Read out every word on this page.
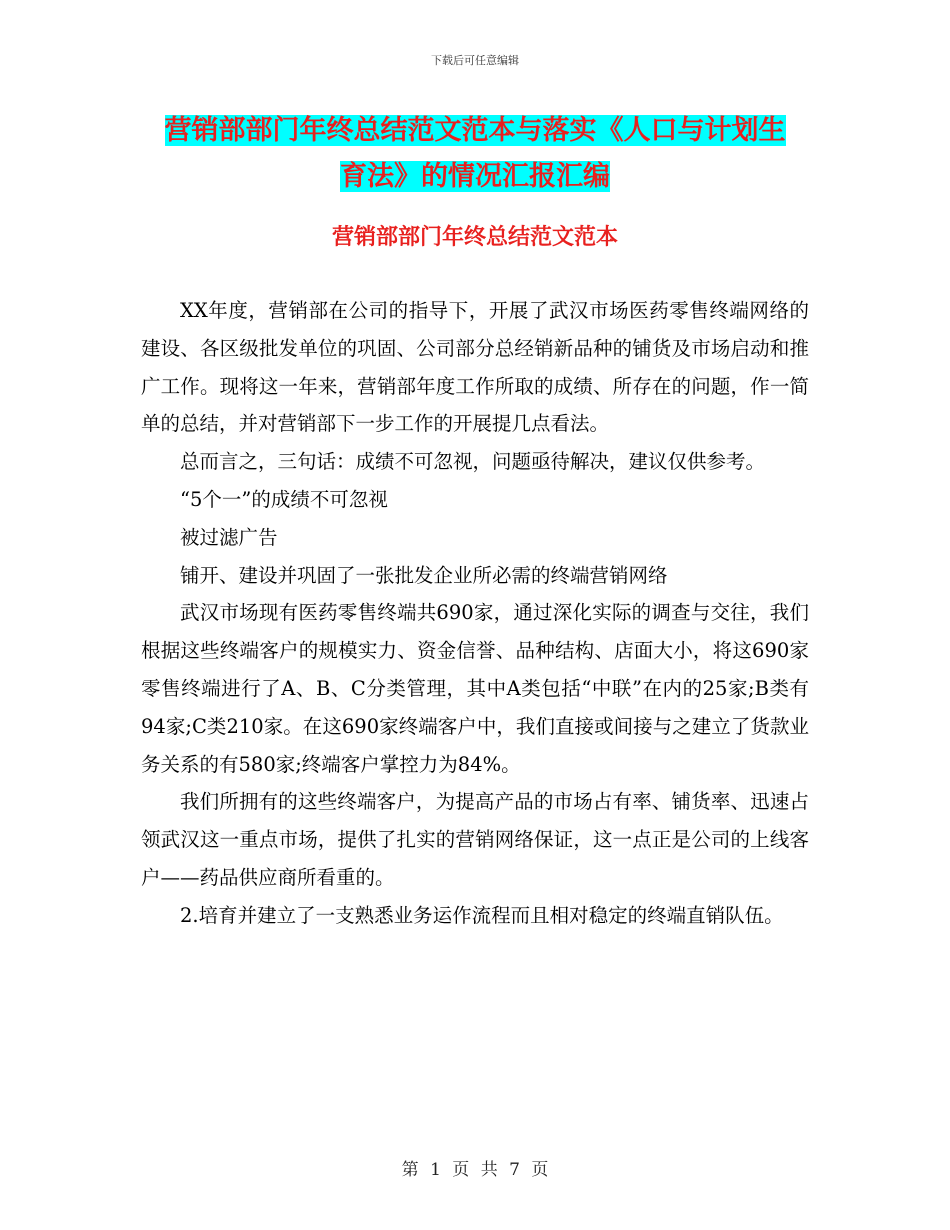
下载后可任意编辑
营销部部门年终总结范文范本与落实《人口与计划生
育法》的情况汇报汇编
营销部部门年终总结范文范本

XX年度，营销部在公司的指导下，开展了武汉市场医药零售终端网络的建设、各区级批发单位的巩固、公司部分总经销新品种的铺货及市场启动和推广工作。现将这一年来，营销部年度工作所取的成绩、所存在的问题，作一简单的总结，并对营销部下一步工作的开展提几点看法。

总而言之，三句话：成绩不可忽视，问题亟待解决，建议仅供参考。

“5个一”的成绩不可忽视

被过滤广告

铺开、建设并巩固了一张批发企业所必需的终端营销网络

武汉市场现有医药零售终端共690家，通过深化实际的调查与交往，我们根据这些终端客户的规模实力、资金信誉、品种结构、店面大小，将这690家零售终端进行了A、B、C分类管理，其中A类包括“中联”在内的25家;B类有94家;C类210家。在这690家终端客户中，我们直接或间接与之建立了货款业务关系的有580家;终端客户掌控力为84%。

我们所拥有的这些终端客户，为提高产品的市场占有率、铺货率、迅速占领武汉这一重点市场，提供了扎实的营销网络保证，这一点正是公司的上线客户——药品供应商所看重的。

2.培育并建立了一支熟悉业务运作流程而且相对稳定的终端直销队伍。

第 1 页 共 7 页
